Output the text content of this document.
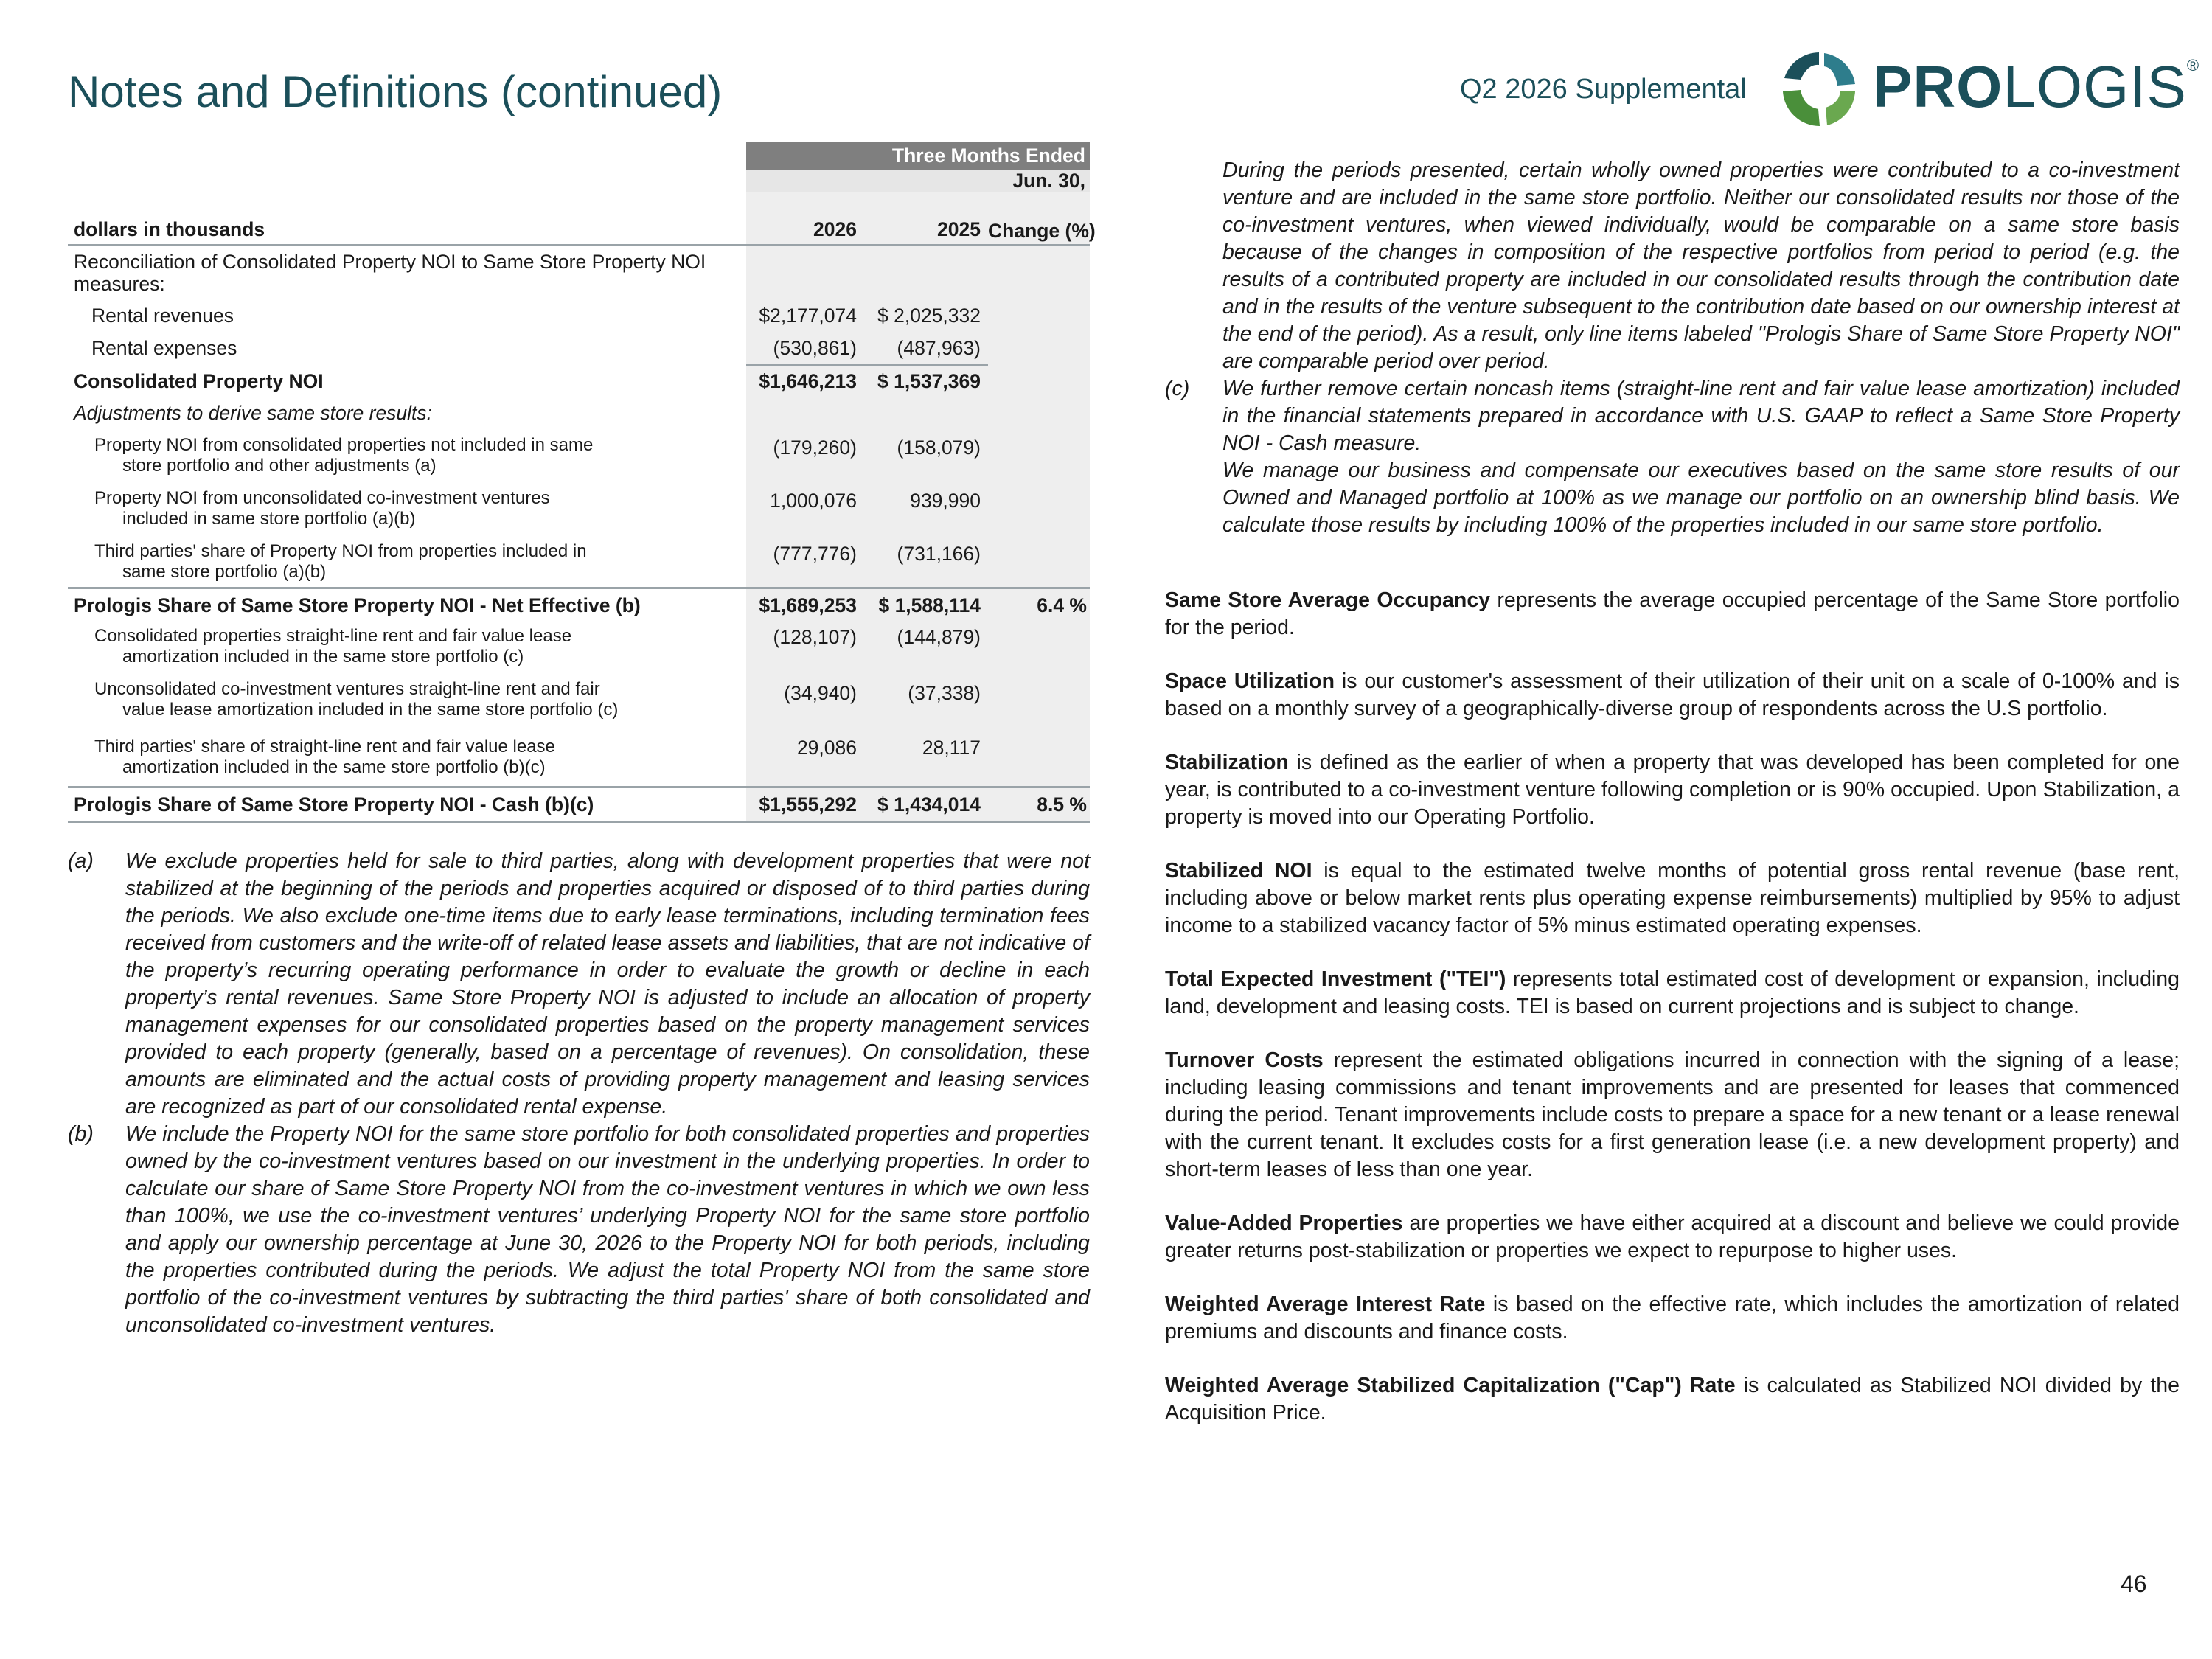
Notes and Definitions (continued)	Q2 2026 Supplemental PROLOGIS®
	Three Months Ended		
	Jun. 30,		
dollars in thousands	2026	2025	Change (%)
Reconciliation of Consolidated Property NOI to Same Store Property NOI measures:			
Rental revenues	$2,177,074	$ 2,025,332	
Rental expenses	(530,861)	(487,963)	
Consolidated Property NOI	$1,646,213	$ 1,537,369	
Adjustments to derive same store results:			
Property NOI from consolidated properties not included in same
store portfolio and other adjustments (a)	(179,260)	(158,079)	
Property NOI from unconsolidated co-investment ventures
included in same store portfolio (a)(b)	1,000,076	939,990	
Third parties' share of Property NOI from properties included in
same store portfolio (a)(b)	(777,776)	(731,166)	
Prologis Share of Same Store Property NOI - Net Effective (b)	$1,689,253	$ 1,588,114	6.4 %
Consolidated properties straight-line rent and fair value lease
amortization included in the same store portfolio (c)	(128,107)	(144,879)	
Unconsolidated co-investment ventures straight-line rent and fair
value lease amortization included in the same store portfolio (c)	(34,940)	(37,338)	
Third parties' share of straight-line rent and fair value lease
amortization included in the same store portfolio (b)(c)	29,086	28,117	
Prologis Share of Same Store Property NOI - Cash (b)(c)	$1,555,292	$ 1,434,014	8.5 %
(a)	We exclude properties held for sale to third parties, along with development properties that were not stabilized at the beginning of the periods and properties acquired or disposed of to third parties during the periods. We also exclude one-time items due to early lease terminations, including termination fees received from customers and the write-off of related lease assets and liabilities, that are not indicative of the property’s recurring operating performance in order to evaluate the growth or decline in each property’s rental revenues. Same Store Property NOI is adjusted to include an allocation of property management expenses for our consolidated properties based on the property management services provided to each property (generally, based on a percentage of revenues). On consolidation, these amounts are eliminated and the actual costs of providing property management and leasing services are recognized as part of our consolidated rental expense.
(b)	We include the Property NOI for the same store portfolio for both consolidated properties and properties owned by the co-investment ventures based on our investment in the underlying properties. In order to calculate our share of Same Store Property NOI from the co-investment ventures in which we own less than 100%, we use the co-investment ventures’ underlying Property NOI for the same store portfolio and apply our ownership percentage at June 30, 2026 to the Property NOI for both periods, including the properties contributed during the periods. We adjust the total Property NOI from the same store portfolio of the co-investment ventures by subtracting the third parties' share of both consolidated and unconsolidated co-investment ventures.
During the periods presented, certain wholly owned properties were contributed to a co-investment venture and are included in the same store portfolio. Neither our consolidated results nor those of the co-investment ventures, when viewed individually, would be comparable on a same store basis because of the changes in composition of the respective portfolios from period to period (e.g. the results of a contributed property are included in our consolidated results through the contribution date and in the results of the venture subsequent to the contribution date based on our ownership interest at the end of the period). As a result, only line items labeled "Prologis Share of Same Store Property NOI" are comparable period over period.
(c)	We further remove certain noncash items (straight-line rent and fair value lease amortization) included in the financial statements prepared in accordance with U.S. GAAP to reflect a Same Store Property NOI - Cash measure.
We manage our business and compensate our executives based on the same store results of our Owned and Managed portfolio at 100% as we manage our portfolio on an ownership blind basis. We calculate those results by including 100% of the properties included in our same store portfolio.
Same Store Average Occupancy represents the average occupied percentage of the Same Store portfolio for the period.
Space Utilization is our customer's assessment of their utilization of their unit on a scale of 0-100% and is based on a monthly survey of a geographically-diverse group of respondents across the U.S portfolio.
Stabilization is defined as the earlier of when a property that was developed has been completed for one year, is contributed to a co-investment venture following completion or is 90% occupied. Upon Stabilization, a property is moved into our Operating Portfolio.
Stabilized NOI is equal to the estimated twelve months of potential gross rental revenue (base rent, including above or below market rents plus operating expense reimbursements) multiplied by 95% to adjust income to a stabilized vacancy factor of 5% minus estimated operating expenses.
Total Expected Investment ("TEI") represents total estimated cost of development or expansion, including land, development and leasing costs. TEI is based on current projections and is subject to change.
Turnover Costs represent the estimated obligations incurred in connection with the signing of a lease; including leasing commissions and tenant improvements and are presented for leases that commenced during the period. Tenant improvements include costs to prepare a space for a new tenant or a lease renewal with the current tenant. It excludes costs for a first generation lease (i.e. a new development property) and short-term leases of less than one year.
Value-Added Properties are properties we have either acquired at a discount and believe we could provide greater returns post-stabilization or properties we expect to repurpose to higher uses.
Weighted Average Interest Rate is based on the effective rate, which includes the amortization of related premiums and discounts and finance costs.
Weighted Average Stabilized Capitalization ("Cap") Rate is calculated as Stabilized NOI divided by the Acquisition Price.
46
